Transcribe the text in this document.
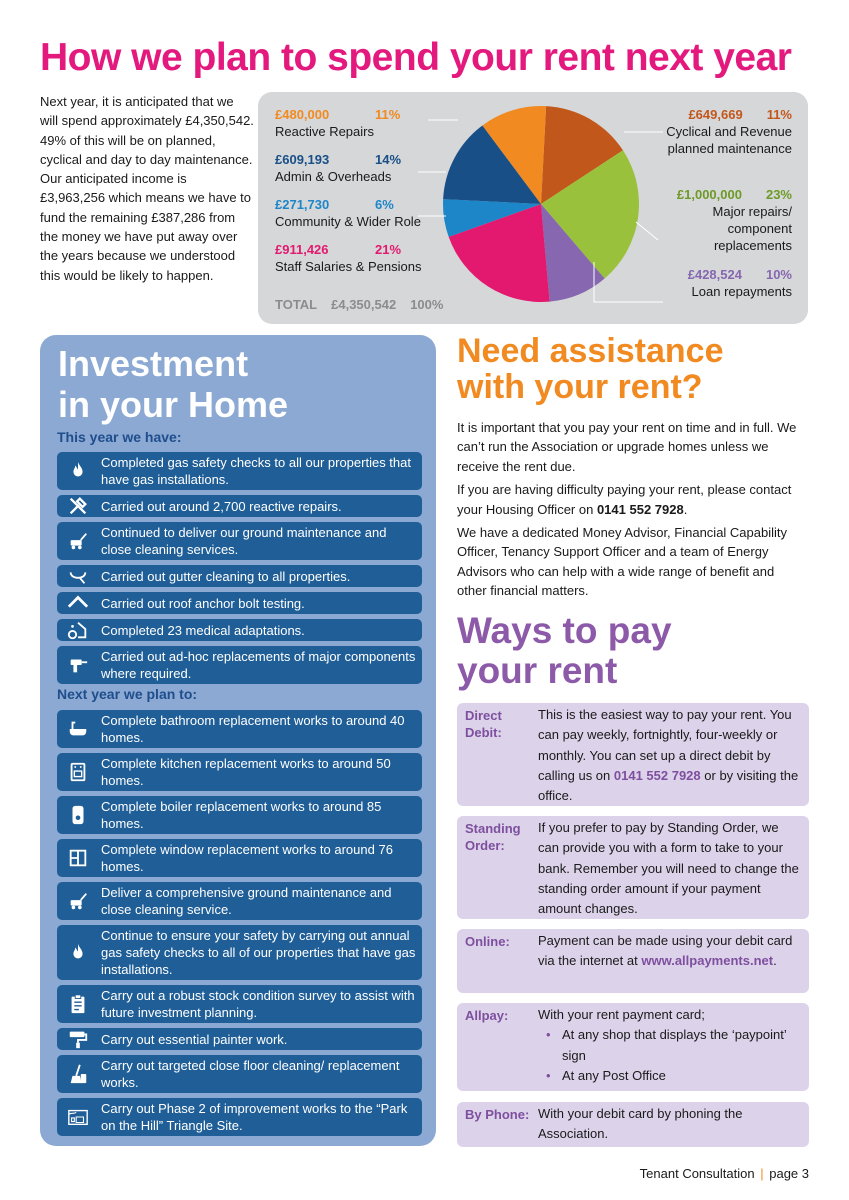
How we plan to spend your rent next year
Next year, it is anticipated that we will spend approximately £4,350,542. 49% of this will be on planned, cyclical and day to day maintenance.
Our anticipated income is £3,963,256 which means we have to fund the remaining £387,286 from the money we have put away over the years because we understood this would be likely to happen.
£480,000	11%
Reactive Repairs
£609,193	14%
Admin & Overheads
£271,730	6%
Community & Wider Role
£911,426	21%
Staff Salaries & Pensions
£649,669 11%
Cyclical and Revenue planned maintenance
£1,000,000 23%
Major repairs/ component replacements
£428,524 10%
Loan repayments
TOTAL £4,350,542 100%
Investment
in your Home
This year we have:
Completed gas safety checks to all our properties that have gas installations.
Carried out around 2,700 reactive repairs.
Continued to deliver our ground maintenance and close cleaning services.
Carried out gutter cleaning to all properties.
Carried out roof anchor bolt testing.
Completed 23 medical adaptations.
Carried out ad-hoc replacements of major components where required.
Next year we plan to:
Complete bathroom replacement works to around 40 homes.
Complete kitchen replacement works to around 50 homes.
Complete boiler replacement works to around 85 homes.
Complete window replacement works to around 76 homes.
Deliver a comprehensive ground maintenance and close cleaning service.
Continue to ensure your safety by carrying out annual gas safety checks to all of our properties that have gas installations.
Carry out a robust stock condition survey to assist with future investment planning.
Carry out essential painter work.
Carry out targeted close floor cleaning/ replacement works.
Carry out Phase 2 of improvement works to the “Park on the Hill” Triangle Site.
Need assistance
with your rent?

It is important that you pay your rent on time and in full. We can’t run the Association or upgrade homes unless we receive the rent due.

If you are having difficulty paying your rent, please contact your Housing Officer on 0141 552 7928.

We have a dedicated Money Advisor, Financial Capability Officer, Tenancy Support Officer and a team of Energy Advisors who can help with a wide range of benefit and other financial matters.

Ways to pay
your rent
Direct
Debit:
This is the easiest way to pay your rent. You can pay weekly, fortnightly, four-weekly or monthly. You can set up a direct debit by calling us on 0141 552 7928 or by visiting the office.
Standing
Order:
If you prefer to pay by Standing Order, we can provide you with a form to take to your bank. Remember you will need to change the standing order amount if your payment amount changes.
Online:	Payment can be made using your debit card via the internet at www.allpayments.net.
Allpay:	With your rent payment card;
• At any shop that displays the ‘paypoint’ sign
• At any Post Office
By Phone: With your debit card by phoning the Association.
Tenant Consultation | page 3
